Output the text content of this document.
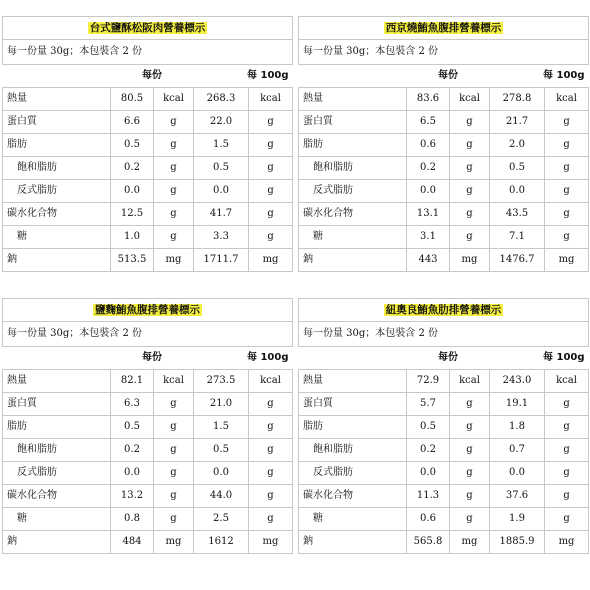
台式鹽酥松阪肉營養標示				
每一份量 30g；本包裝含 2 份				
	每份		每 100g	
熱量	80.5	kcal	268.3	kcal
蛋白質	6.6	g	22.0	g
脂肪	0.5	g	1.5	g
飽和脂肪	0.2	g	0.5	g
反式脂肪	0.0	g	0.0	g
碳水化合物	12.5	g	41.7	g
糖	1.0	g	3.3	g
鈉	513.5	mg	1711.7	mg
西京燒鮪魚腹排營養標示				
每一份量 30g；本包裝含 2 份				
	每份		每 100g	
熱量	83.6	kcal	278.8	kcal
蛋白質	6.5	g	21.7	g
脂肪	0.6	g	2.0	g
飽和脂肪	0.2	g	0.5	g
反式脂肪	0.0	g	0.0	g
碳水化合物	13.1	g	43.5	g
糖	3.1	g	7.1	g
鈉	443	mg	1476.7	mg
鹽麴鮪魚腹排營養標示				
每一份量 30g；本包裝含 2 份				
	每份		每 100g	
熱量	82.1	kcal	273.5	kcal
蛋白質	6.3	g	21.0	g
脂肪	0.5	g	1.5	g
飽和脂肪	0.2	g	0.5	g
反式脂肪	0.0	g	0.0	g
碳水化合物	13.2	g	44.0	g
糖	0.8	g	2.5	g
鈉	484	mg	1612	mg
紐奧良鮪魚肋排營養標示				
每一份量 30g；本包裝含 2 份				
	每份		每 100g	
熱量	72.9	kcal	243.0	kcal
蛋白質	5.7	g	19.1	g
脂肪	0.5	g	1.8	g
飽和脂肪	0.2	g	0.7	g
反式脂肪	0.0	g	0.0	g
碳水化合物	11.3	g	37.6	g
糖	0.6	g	1.9	g
鈉	565.8	mg	1885.9	mg
